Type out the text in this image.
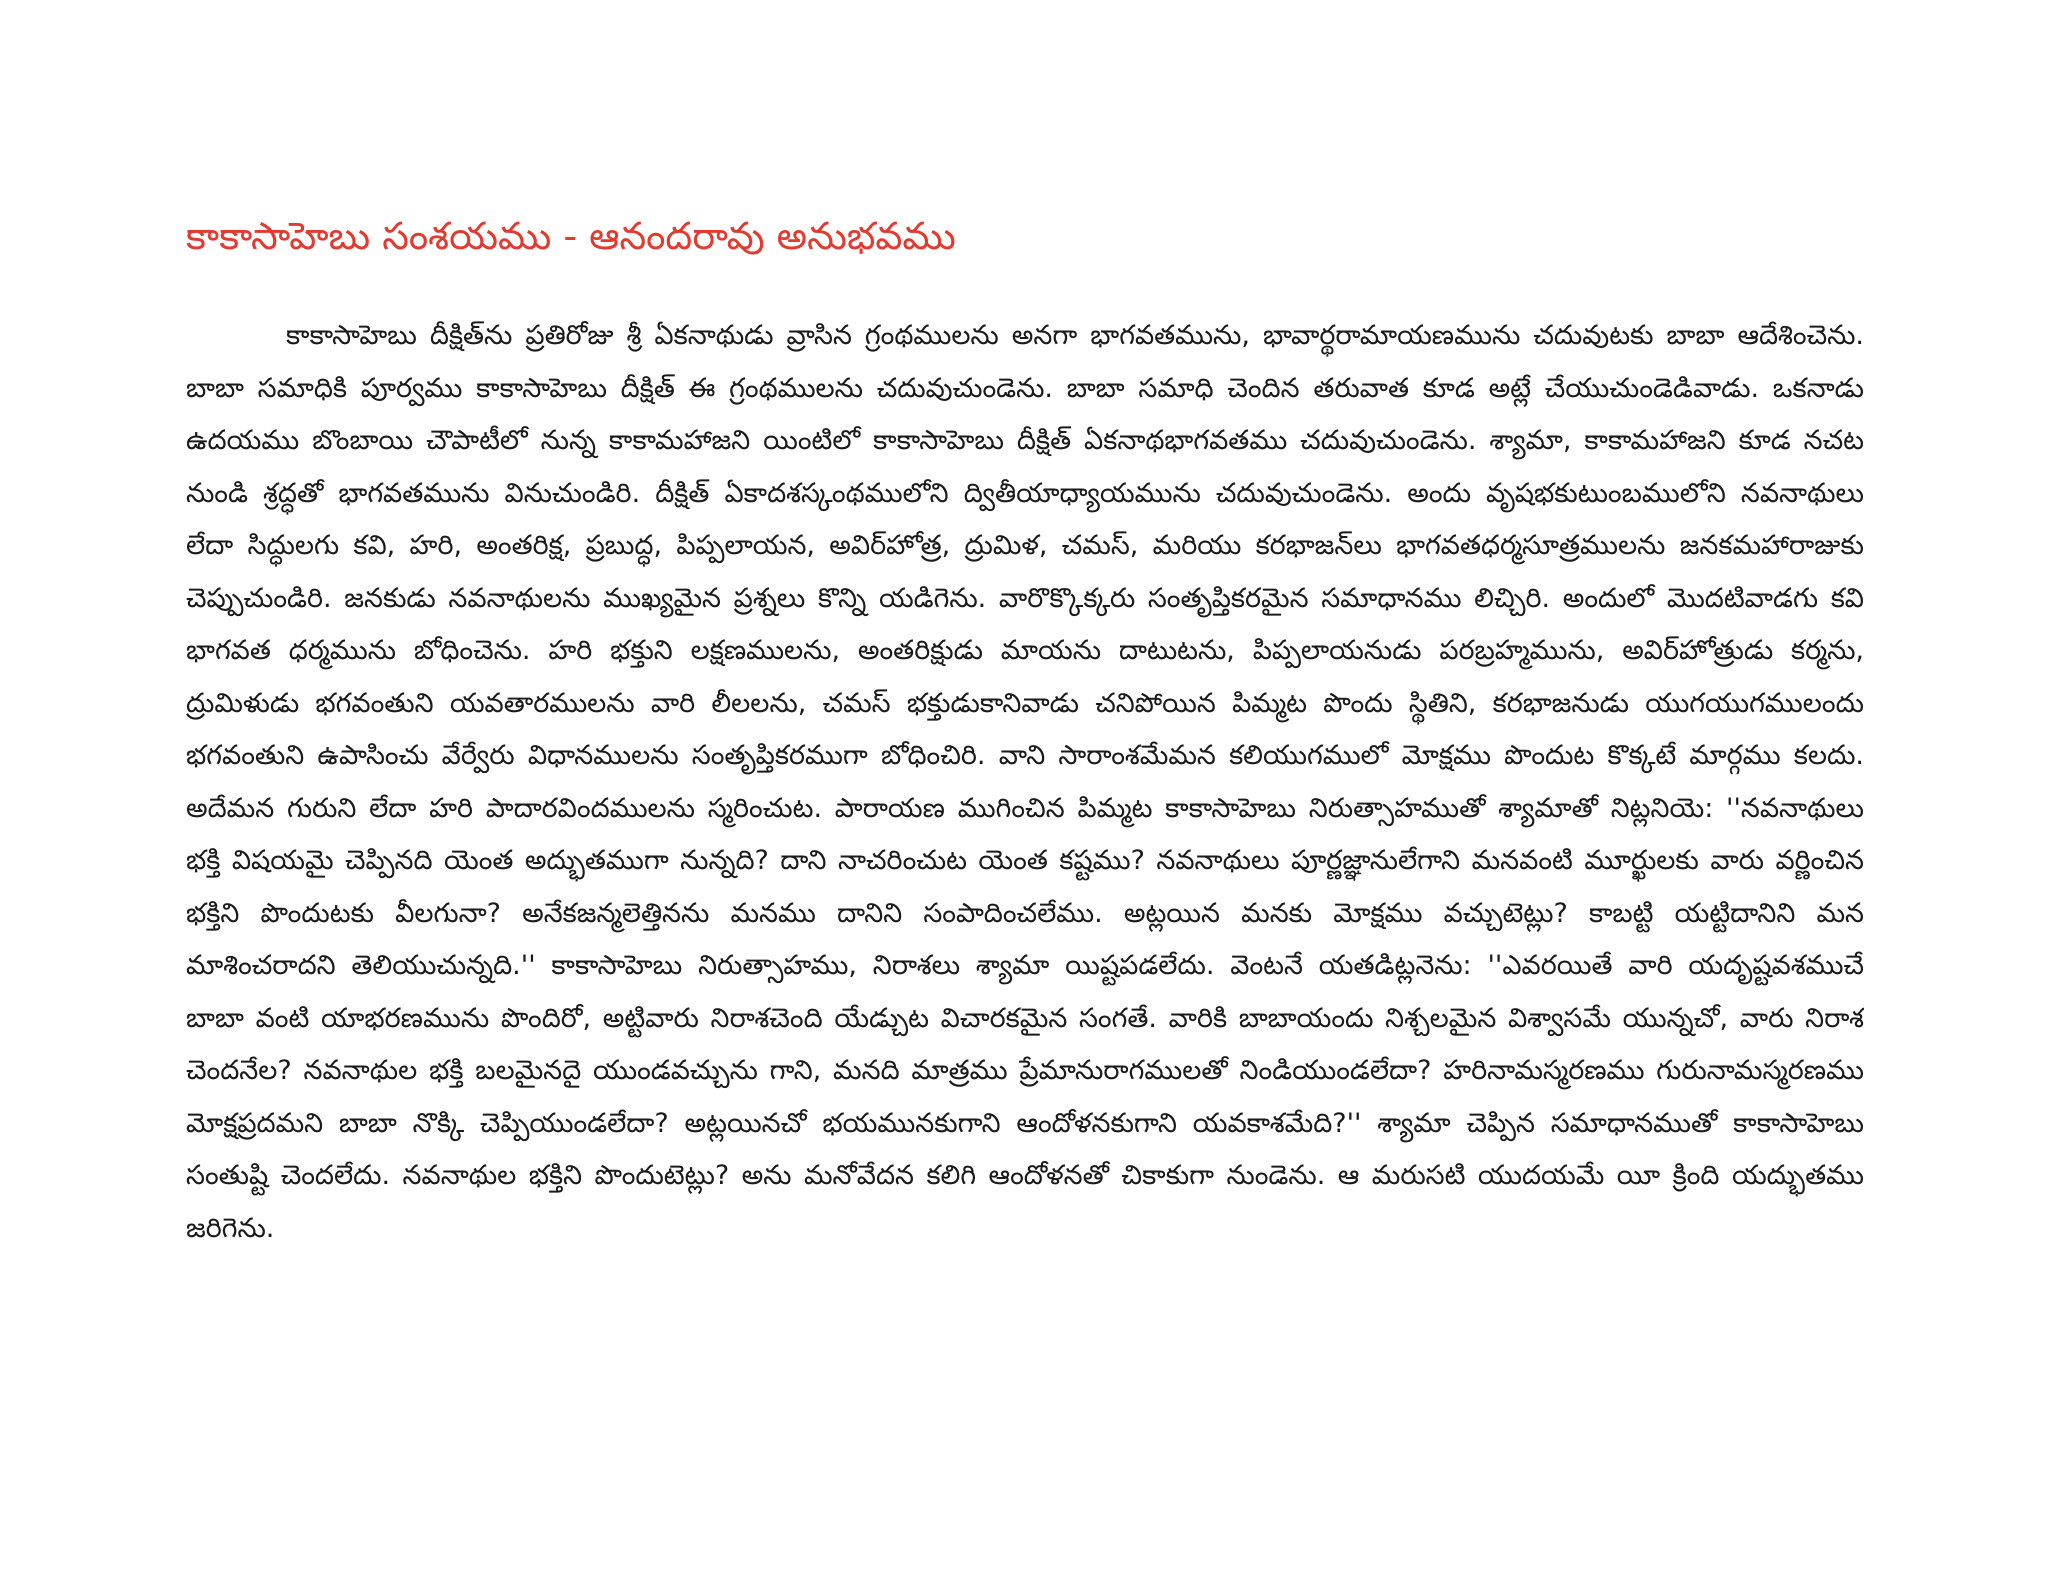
కాకాసాహెబు సంశయము - ఆనందరావు అనుభవము

కాకాసాహెబు దీక్షిత్‌ను ప్రతిరోజు శ్రీ ఏకనాథుడు వ్రాసిన గ్రంథములను అనగా భాగవతమును, భావార్థరామాయణమును చదువుటకు బాబా ఆదేశించెను. బాబా సమాధికి పూర్వము కాకాసాహెబు దీక్షిత్ ఈ గ్రంథములను చదువుచుండెను. బాబా సమాధి చెందిన తరువాత కూడ అట్లే చేయుచుండెడివాడు. ఒకనాడు ఉదయము బొంబాయి చౌపాటీలో నున్న కాకామహాజని యింటిలో కాకాసాహెబు దీక్షిత్ ఏకనాథభాగవతము చదువుచుండెను. శ్యామా, కాకామహాజని కూడ నచట నుండి శ్రద్ధతో భాగవతమును వినుచుండిరి. దీక్షిత్ ఏకాదశస్కంథములోని ద్వితీయాధ్యాయమును చదువుచుండెను. అందు వృషభకుటుంబములోని నవనాథులు లేదా సిద్ధులగు కవి, హరి, అంతరిక్ష, ప్రబుద్ధ, పిప్పలాయన, అవిర్‌హోత్ర, ద్రుమిళ, చమస్, మరియు కరభాజన్‌లు భాగవతధర్మసూత్రములను జనకమహారాజుకు చెప్పుచుండిరి. జనకుడు నవనాథులను ముఖ్యమైన ప్రశ్నలు కొన్ని యడిగెను. వారొక్కొక్కరు సంతృప్తికరమైన సమాధానము లిచ్చిరి. అందులో మొదటివాడగు కవి భాగవత ధర్మమును బోధించెను. హరి భక్తుని లక్షణములను, అంతరిక్షుడు మాయను దాటుటను, పిప్పలాయనుడు పరబ్రహ్మమును, అవిర్‌హోత్రుడు కర్మను, ద్రుమిళుడు భగవంతుని యవతారములను వారి లీలలను, చమస్ భక్తుడుకానివాడు చనిపోయిన పిమ్మట పొందు స్థితిని, కరభాజనుడు యుగయుగములందు భగవంతుని ఉపాసించు వేర్వేరు విధానములను సంతృప్తికరముగా బోధించిరి. వాని సారాంశమేమన కలియుగములో మోక్షము పొందుట కొక్కటే మార్గము కలదు. అదేమన గురుని లేదా హరి పాదారవిందములను స్మరించుట. పారాయణ ముగించిన పిమ్మట కాకాసాహెబు నిరుత్సాహముతో శ్యామాతో నిట్లనియె: ''నవనాథులు భక్తి విషయమై చెప్పినది యెంత అద్భుతముగా నున్నది? దాని నాచరించుట యెంత కష్టము? నవనాథులు పూర్ణజ్ఞానులేగాని మనవంటి మూర్ఖులకు వారు వర్ణించిన భక్తిని పొందుటకు వీలగునా? అనేకజన్మలెత్తినను మనము దానిని సంపాదించలేము. అట్లయిన మనకు మోక్షము వచ్చుటెట్లు? కాబట్టి యట్టిదానిని మన మాశించరాదని తెలియుచున్నది.'' కాకాసాహెబు నిరుత్సాహము, నిరాశలు శ్యామా యిష్టపడలేదు. వెంటనే యతడిట్లనెను: ''ఎవరయితే వారి యదృష్టవశముచే బాబా వంటి యాభరణమును పొందిరో, అట్టివారు నిరాశచెంది యేడ్చుట విచారకమైన సంగతే. వారికి బాబాయందు నిశ్చలమైన విశ్వాసమే యున్నచో, వారు నిరాశ చెందనేల? నవనాథుల భక్తి బలమైనదై యుండవచ్చును గాని, మనది మాత్రము ప్రేమానురాగములతో నిండియుండలేదా? హరినామస్మరణము గురునామస్మరణము మోక్షప్రదమని బాబా నొక్కి చెప్పియుండలేదా? అట్లయినచో భయమునకుగాని ఆందోళనకుగాని యవకాశమేది?'' శ్యామా చెప్పిన సమాధానముతో కాకాసాహెబు సంతుష్టి చెందలేదు. నవనాథుల భక్తిని పొందుటెట్లు? అను మనోవేదన కలిగి ఆందోళనతో చికాకుగా నుండెను. ఆ మరుసటి యుదయమే యీ క్రింది యద్భుతము జరిగెను.
